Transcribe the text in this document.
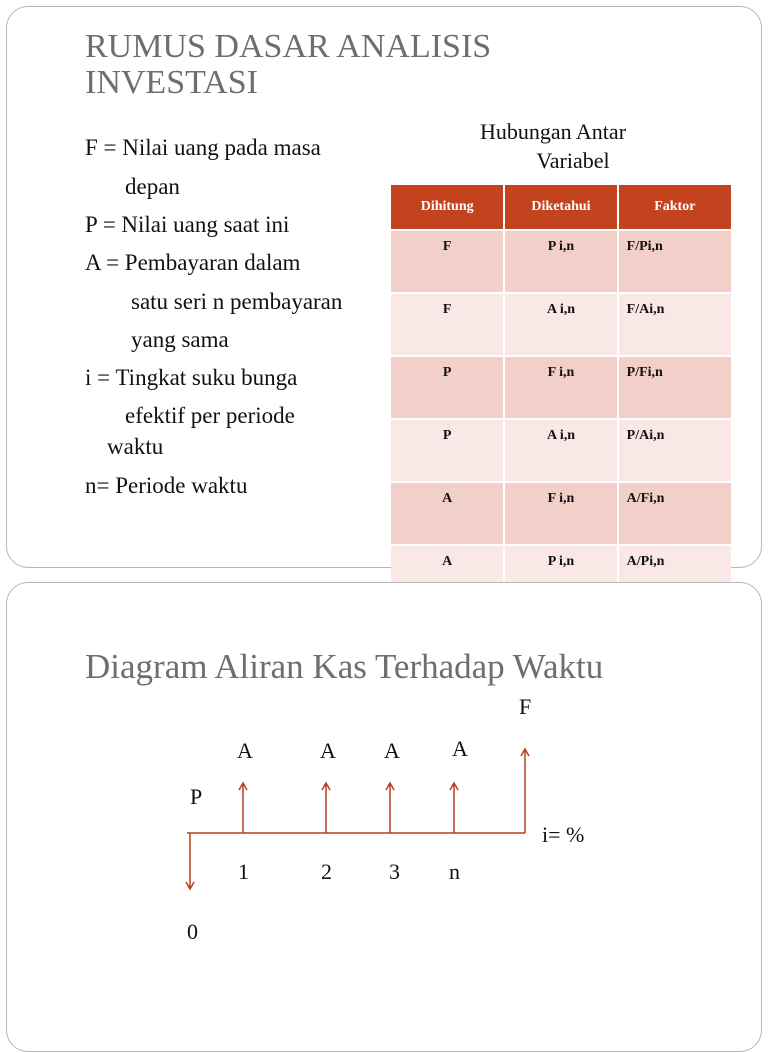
RUMUS DASAR ANALISIS INVESTASI
F = Nilai uang pada masa
depan
P = Nilai uang saat ini
A = Pembayaran dalam
satu seri n pembayaran
yang sama
i = Tingkat suku bunga
efektif per periode
waktu
n= Periode waktu
Hubungan Antar
Variabel
Dihitung	Diketahui	Faktor
F	P i,n	F/Pi,n
F	A i,n	F/Ai,n
P	F i,n	P/Fi,n
P	A i,n	P/Ai,n
A	F i,n	A/Fi,n
A	P i,n	A/Pi,n
Diagram Aliran Kas Terhadap Waktu
F
A	A A A
P
i= %
1	2	3 n
0
